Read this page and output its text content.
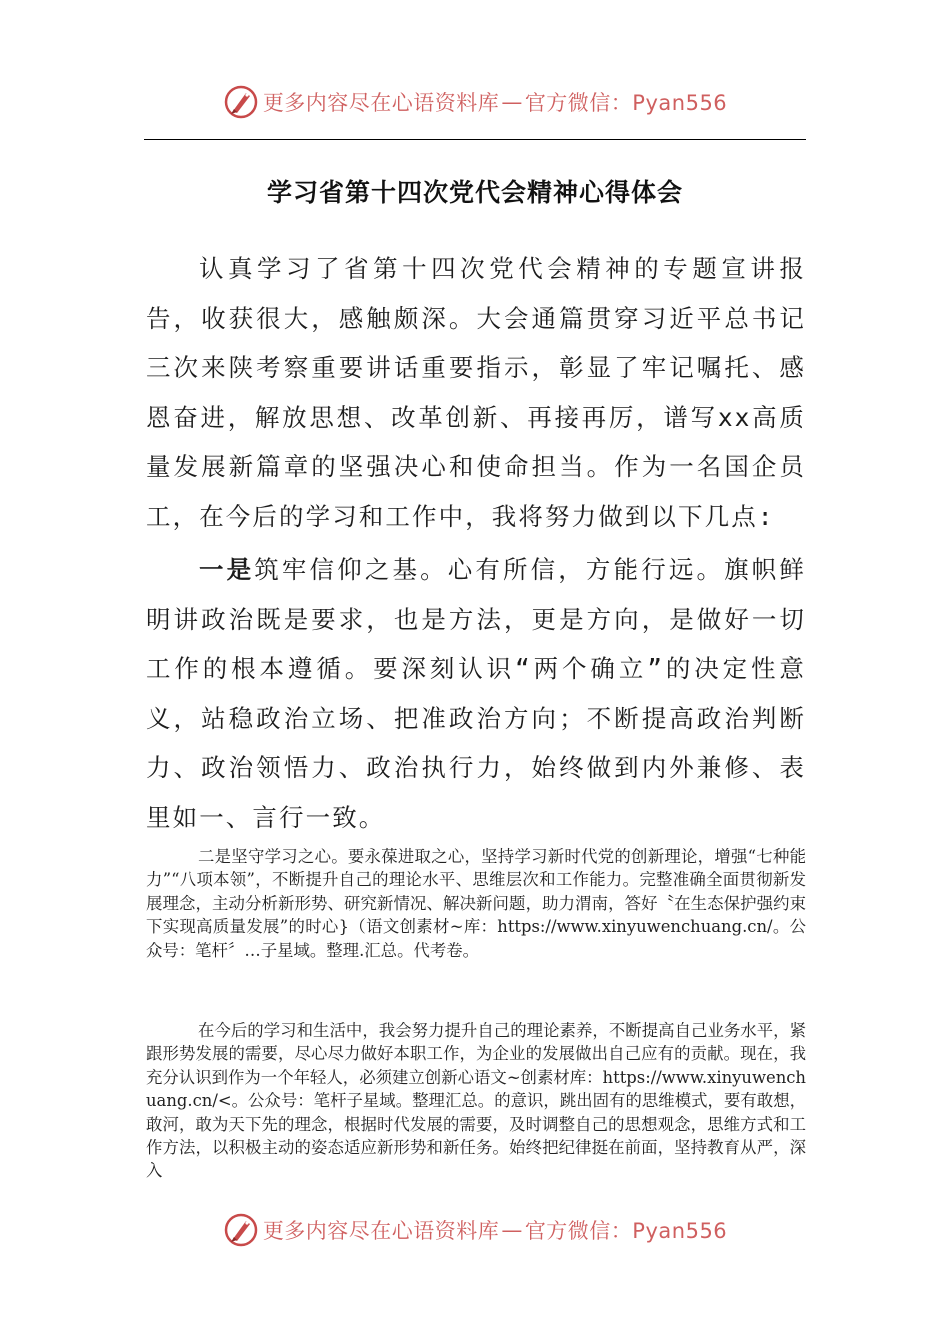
更多内容尽在心语资料库 — 官方微信：Pyan556
学习省第十四次党代会精神心得体会

认真学习了省第十四次党代会精神的专题宣讲报告，收获很大，感触颇深。大会通篇贯穿习近平总书记三次来陕考察重要讲话重要指示，彰显了牢记嘱托、感恩奋进，解放思想、改革创新、再接再厉，谱写xx高质量发展新篇章的坚强决心和使命担当。作为一名国企员工，在今后的学习和工作中，我将努力做到以下几点:

一是筑牢信仰之基。心有所信，方能行远。旗帜鲜明讲政治既是要求，也是方法，更是方向，是做好一切工作的根本遵循。要深刻认识“两个确立”的决定性意义，站稳政治立场、把准政治方向；不断提高政治判断力、政治领悟力、政治执行力，始终做到内外兼修、表里如一、言行一致。

二是坚守学习之心。要永葆进取之心，坚持学习新时代党的创新理论，增强“七种能力”“八项本领”，不断提升自己的理论水平、思维层次和工作能力。完整准确全面贯彻新发展理念，主动分析新形势、研究新情况、解决新问题，助力渭南，答好〝在生态保护强约束下实现高质量发展”的时心}（语文创素材~库：https://www.xinyuwenchuang.cn/。公众号：笔杆〞…子星域。整理.汇总。代考卷。

在今后的学习和生活中，我会努力提升自己的理论素养，不断提高自己业务水平，紧跟形势发展的需要，尽心尽力做好本职工作，为企业的发展做出自己应有的贡献。现在，我充分认识到作为一个年轻人，必须建立创新心语文~创素材库：https://www.xinyuwenchuang.cn/<。公众号：笔杆子星域。整理汇总。的意识，跳出固有的思维模式，要有敢想，敢河，敢为天下先的理念，根据时代发展的需要，及时调整自己的思想观念，思维方式和工作方法，以积极主动的姿态适应新形势和新任务。始终把纪律挺在前面，坚持教育从严，深入

更多内容尽在心语资料库 — 官方微信：Pyan556
